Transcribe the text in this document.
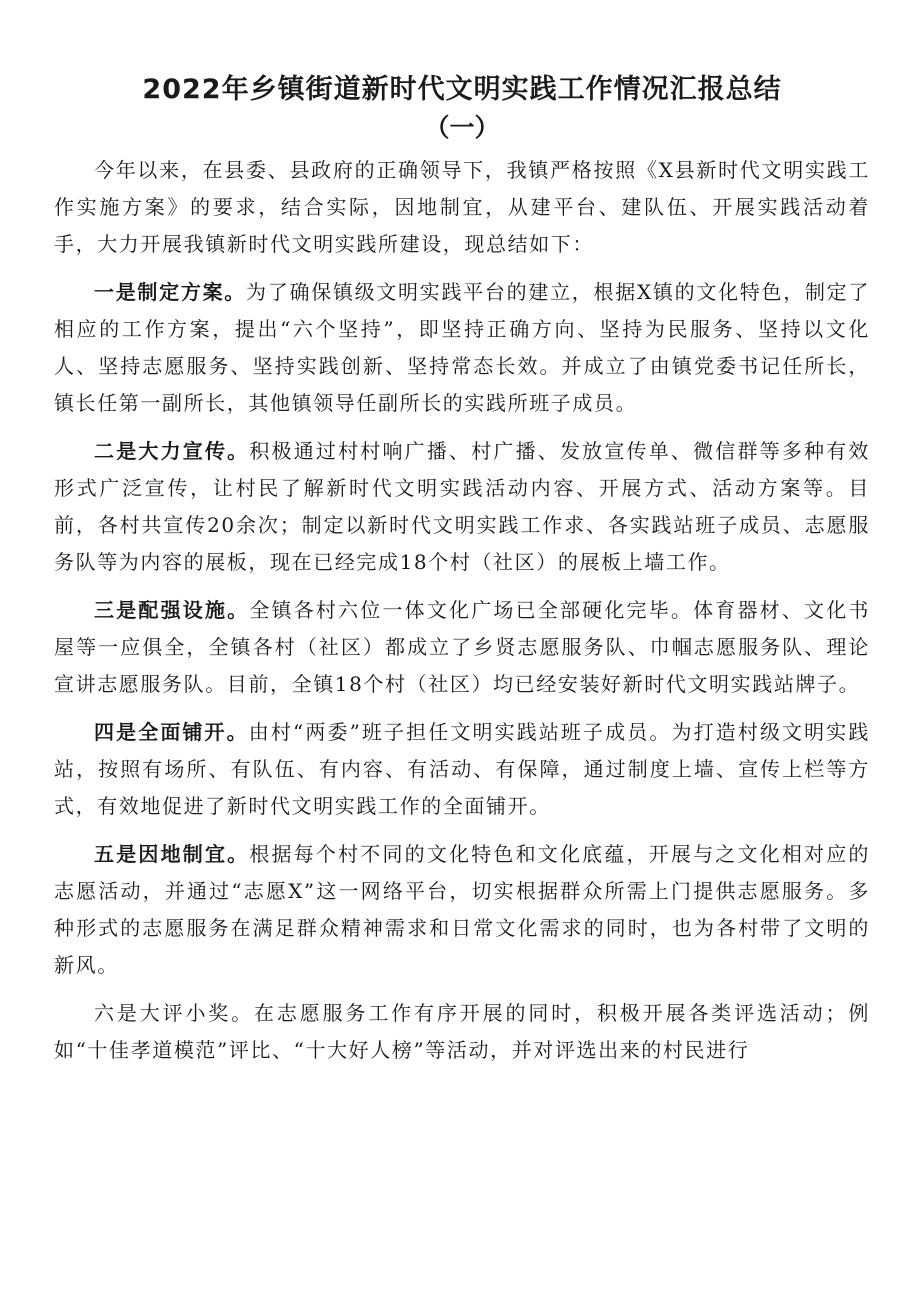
2022年乡镇街道新时代文明实践工作情况汇报总结
（一）

今年以来，在县委、县政府的正确领导下，我镇严格按照《X县新时代文明实践工作实施方案》的要求，结合实际，因地制宜，从建平台、建队伍、开展实践活动着手，大力开展我镇新时代文明实践所建设，现总结如下：

一是制定方案。为了确保镇级文明实践平台的建立，根据X镇的文化特色，制定了相应的工作方案，提出“六个坚持”，即坚持正确方向、坚持为民服务、坚持以文化人、坚持志愿服务、坚持实践创新、坚持常态长效。并成立了由镇党委书记任所长，镇长任第一副所长，其他镇领导任副所长的实践所班子成员。

二是大力宣传。积极通过村村响广播、村广播、发放宣传单、微信群等多种有效形式广泛宣传，让村民了解新时代文明实践活动内容、开展方式、活动方案等。目前，各村共宣传20余次；制定以新时代文明实践工作求、各实践站班子成员、志愿服务队等为内容的展板，现在已经完成18个村（社区）的展板上墙工作。

三是配强设施。全镇各村六位一体文化广场已全部硬化完毕。体育器材、文化书屋等一应俱全，全镇各村（社区）都成立了乡贤志愿服务队、巾帼志愿服务队、理论宣讲志愿服务队。目前，全镇18个村（社区）均已经安装好新时代文明实践站牌子。

四是全面铺开。由村“两委”班子担任文明实践站班子成员。为打造村级文明实践站，按照有场所、有队伍、有内容、有活动、有保障，通过制度上墙、宣传上栏等方式，有效地促进了新时代文明实践工作的全面铺开。

五是因地制宜。根据每个村不同的文化特色和文化底蕴，开展与之文化相对应的志愿活动，并通过“志愿X”这一网络平台，切实根据群众所需上门提供志愿服务。多种形式的志愿服务在满足群众精神需求和日常文化需求的同时，也为各村带了文明的新风。

六是大评小奖。在志愿服务工作有序开展的同时，积极开展各类评选活动；例如“十佳孝道模范”评比、“十大好人榜”等活动，并对评选出来的村民进行
